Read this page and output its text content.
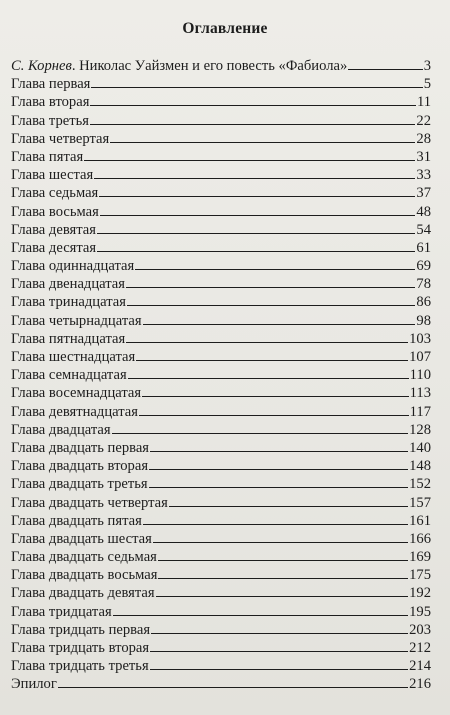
Оглавление
С. Корнев. Николас Уайзмен и его повесть «Фабиола»	3
Глава первая	5
Глава вторая	11
Глава третья	22
Глава четвертая	28
Глава пятая	31
Глава шестая	33
Глава седьмая	37
Глава восьмая	48
Глава девятая	54
Глава десятая	61
Глава одиннадцатая	69
Глава двенадцатая	78
Глава тринадцатая	86
Глава четырнадцатая	98
Глава пятнадцатая	103
Глава шестнадцатая	107
Глава семнадцатая	110
Глава восемнадцатая	113
Глава девятнадцатая	117
Глава двадцатая	128
Глава двадцать первая	140
Глава двадцать вторая	148
Глава двадцать третья	152
Глава двадцать четвертая	157
Глава двадцать пятая	161
Глава двадцать шестая	166
Глава двадцать седьмая	169
Глава двадцать восьмая	175
Глава двадцать девятая	192
Глава тридцатая	195
Глава тридцать первая	203
Глава тридцать вторая	212
Глава тридцать третья	214
Эпилог	216
